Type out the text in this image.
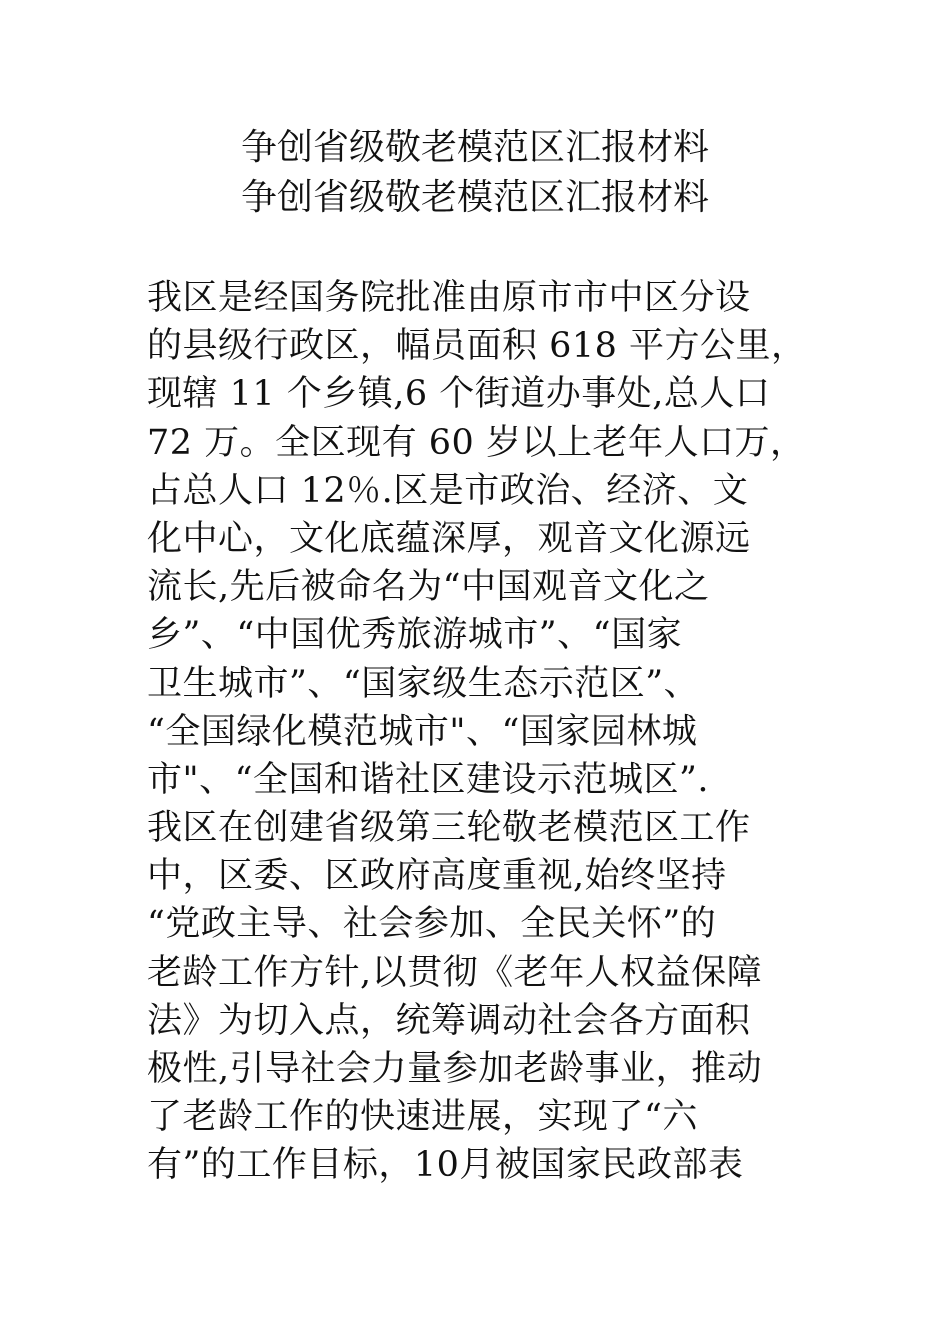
争创省级敬老模范区汇报材料
争创省级敬老模范区汇报材料
我区是经国务院批准由原市市中区分设
的县级行政区，幅员面积 618 平方公里，
现辖 11 个乡镇,6 个街道办事处,总人口
72 万。全区现有 60 岁以上老年人口万，
占总人口 12％.区是市政治、经济、文
化中心，文化底蕴深厚，观音文化源远
流长,先后被命名为“中国观音文化之
乡”、“中国优秀旅游城市”、“国家
卫生城市”、“国家级生态示范区”、
“全国绿化模范城市"、“国家园林城
市"、“全国和谐社区建设示范城区”.
我区在创建省级第三轮敬老模范区工作
中，区委、区政府高度重视,始终坚持
“党政主导、社会参加、全民关怀”的
老龄工作方针,以贯彻《老年人权益保障
法》为切入点，统筹调动社会各方面积
极性,引导社会力量参加老龄事业，推动
了老龄工作的快速进展，实现了“六
有”的工作目标，10月被国家民政部表
